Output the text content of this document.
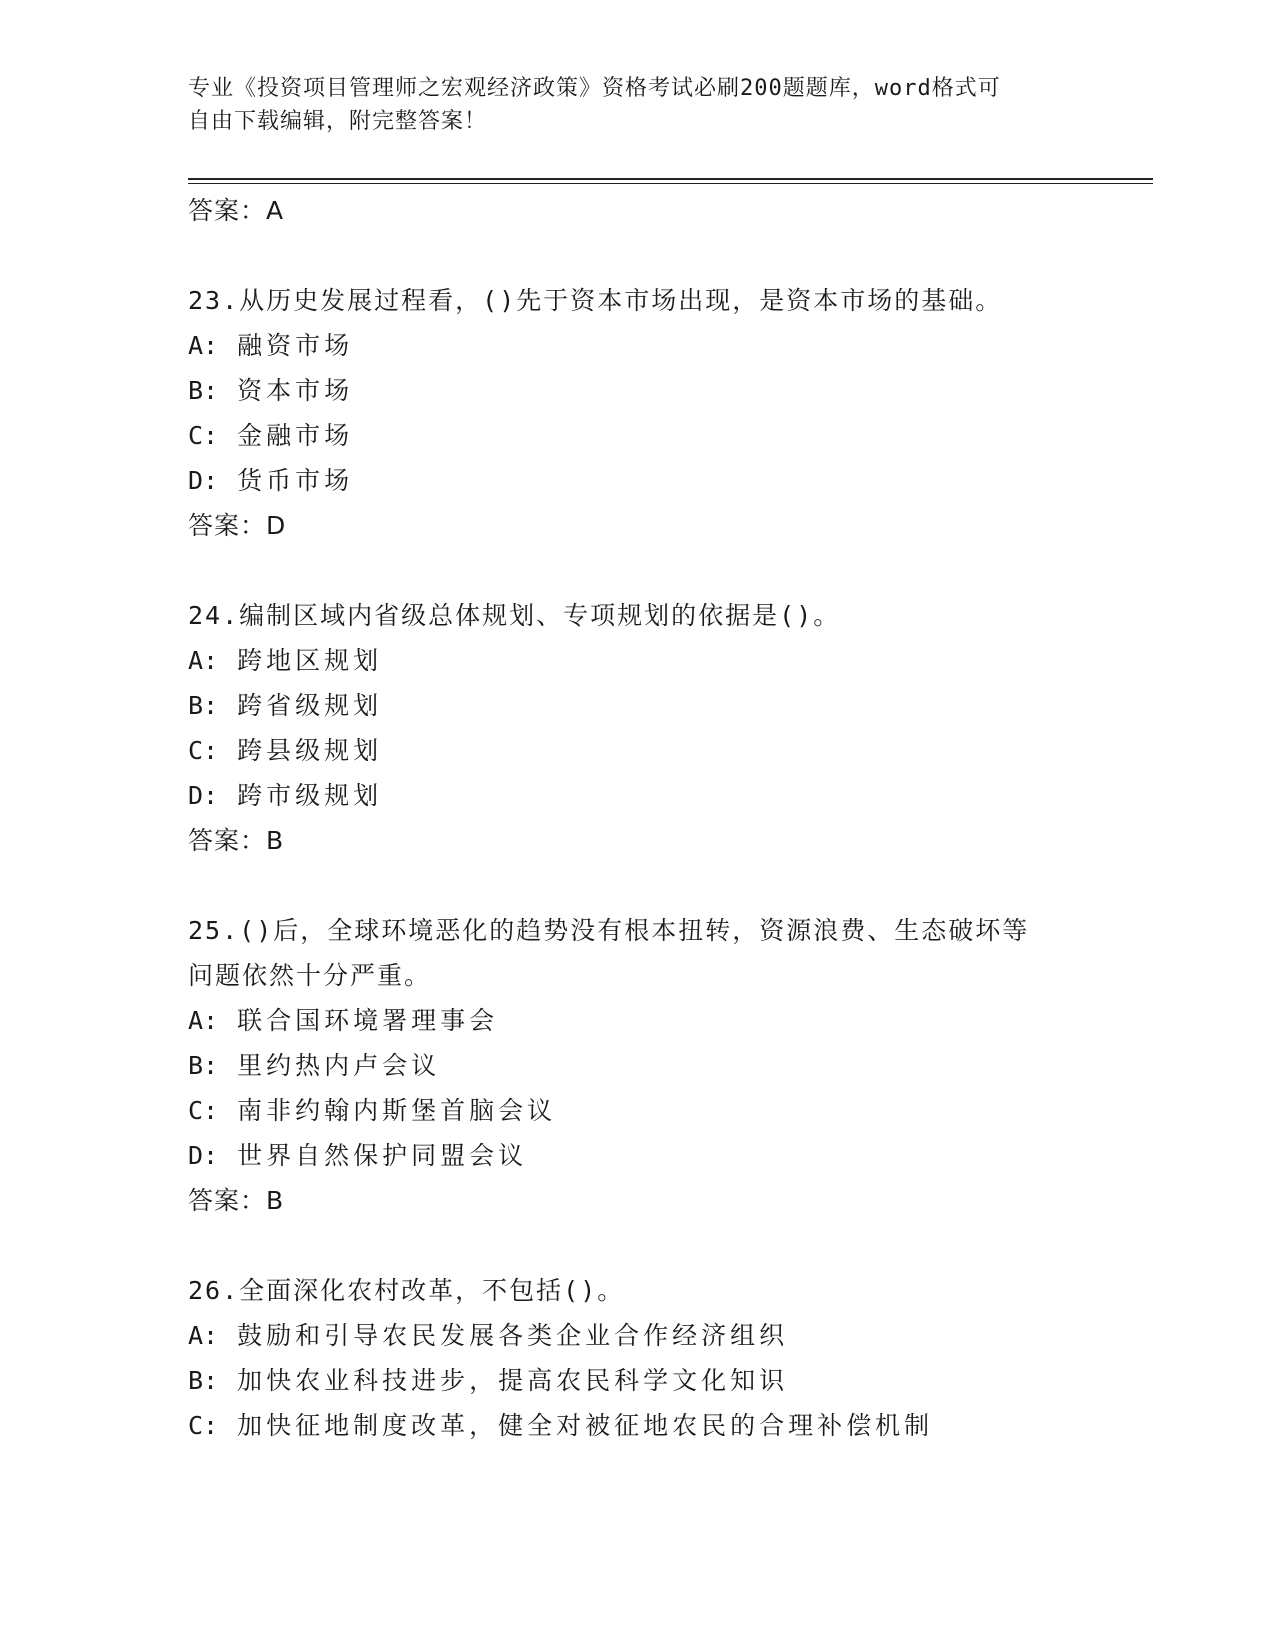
专业《投资项目管理师之宏观经济政策》资格考试必刷200题题库，word格式可
自由下载编辑，附完整答案！
答案：A
23.从历史发展过程看，()先于资本市场出现，是资本市场的基础。
A: 融资市场
B: 资本市场
C: 金融市场
D: 货币市场
答案：D
24.编制区域内省级总体规划、专项规划的依据是()。
A: 跨地区规划
B: 跨省级规划
C: 跨县级规划
D: 跨市级规划
答案：B
25.()后，全球环境恶化的趋势没有根本扭转，资源浪费、生态破坏等
问题依然十分严重。
A: 联合国环境署理事会
B: 里约热内卢会议
C: 南非约翰内斯堡首脑会议
D: 世界自然保护同盟会议
答案：B
26.全面深化农村改革，不包括()。
A: 鼓励和引导农民发展各类企业合作经济组织
B: 加快农业科技进步，提高农民科学文化知识
C: 加快征地制度改革，健全对被征地农民的合理补偿机制
